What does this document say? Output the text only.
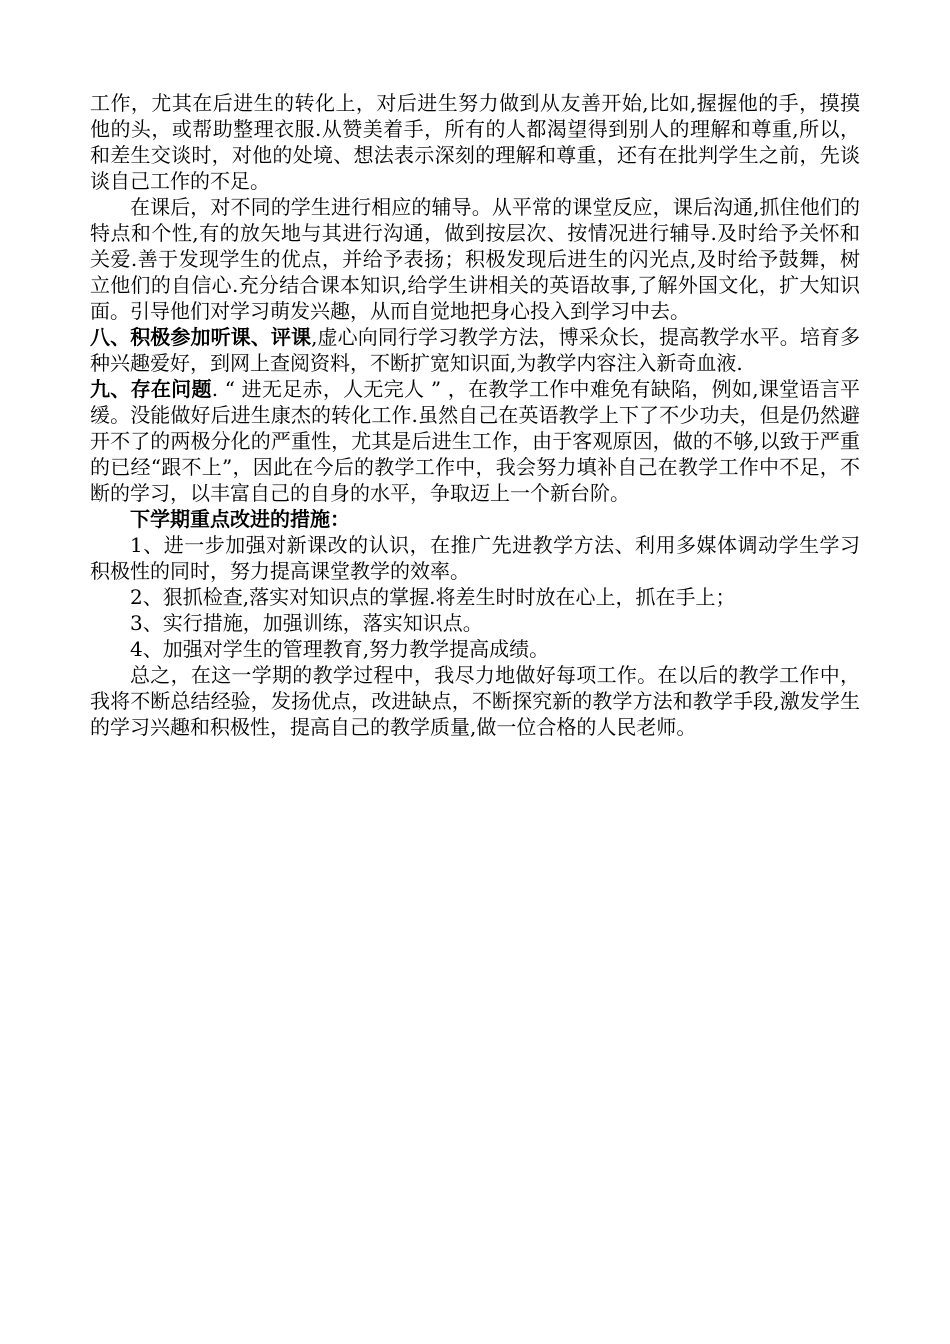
工作，尤其在后进生的转化上，对后进生努力做到从友善开始,比如,握握他的手，摸摸他的头，或帮助整理衣服.从赞美着手，所有的人都渴望得到别人的理解和尊重,所以，和差生交谈时，对他的处境、想法表示深刻的理解和尊重，还有在批判学生之前，先谈谈自己工作的不足。

在课后，对不同的学生进行相应的辅导。从平常的课堂反应，课后沟通,抓住他们的特点和个性,有的放矢地与其进行沟通，做到按层次、按情况进行辅导.及时给予关怀和关爱.善于发现学生的优点，并给予表扬；积极发现后进生的闪光点,及时给予鼓舞，树立他们的自信心.充分结合课本知识,给学生讲相关的英语故事,了解外国文化，扩大知识面。引导他们对学习萌发兴趣，从而自觉地把身心投入到学习中去。

八、积极参加听课、评课,虚心向同行学习教学方法，博采众长，提高教学水平。培育多种兴趣爱好，到网上查阅资料，不断扩宽知识面,为教学内容注入新奇血液.

九、存在问题. “ 进无足赤，人无完人 ” ，在教学工作中难免有缺陷，例如,课堂语言平缓。没能做好后进生康杰的转化工作.虽然自己在英语教学上下了不少功夫，但是仍然避开不了的两极分化的严重性，尤其是后进生工作，由于客观原因，做的不够,以致于严重的已经“跟不上”，因此在今后的教学工作中，我会努力填补自己在教学工作中不足，不断的学习，以丰富自己的自身的水平，争取迈上一个新台阶。

下学期重点改进的措施：

1、进一步加强对新课改的认识，在推广先进教学方法、利用多媒体调动学生学习积极性的同时，努力提高课堂教学的效率。

2、狠抓检查,落实对知识点的掌握.将差生时时放在心上，抓在手上；

3、实行措施，加强训练，落实知识点。

4、加强对学生的管理教育,努力教学提高成绩。

总之，在这一学期的教学过程中，我尽力地做好每项工作。在以后的教学工作中，我将不断总结经验，发扬优点，改进缺点，不断探究新的教学方法和教学手段,激发学生的学习兴趣和积极性，提高自己的教学质量,做一位合格的人民老师。
